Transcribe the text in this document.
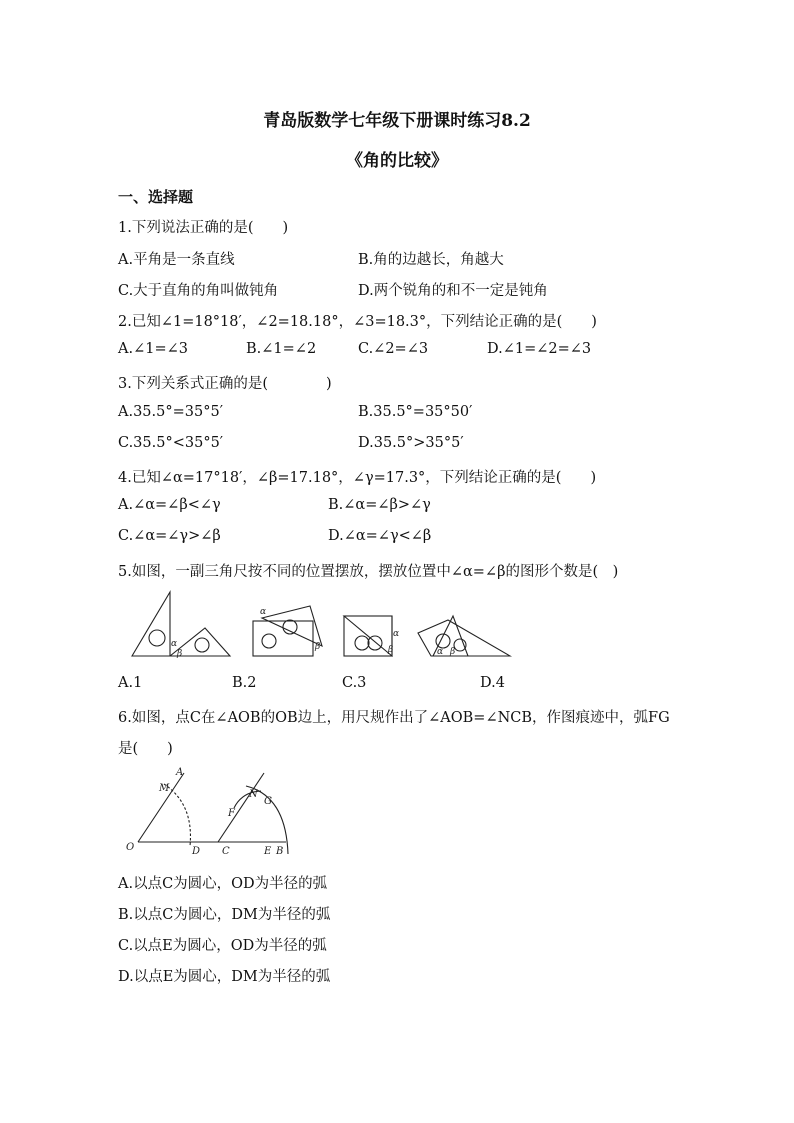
青岛版数学七年级下册课时练习8.2
《角的比较》
一、选择题
1.下列说法正确的是(　　)
A.平角是一条直线	B.角的边越长，角越大
C.大于直角的角叫做钝角	D.两个锐角的和不一定是钝角
2.已知∠1=18°18′，∠2=18.18°，∠3=18.3°，下列结论正确的是(　　)
A.∠1=∠3	B.∠1=∠2	C.∠2=∠3	D.∠1=∠2=∠3
3.下列关系式正确的是(　　　　)
A.35.5°=35°5′	B.35.5°=35°50′
C.35.5°<35°5′	D.35.5°>35°5′
4.已知∠α=17°18′，∠β=17.18°，∠γ=17.3°，下列结论正确的是(　　)
A.∠α=∠β<∠γ	B.∠α=∠β>∠γ
C.∠α=∠γ>∠β	D.∠α=∠γ<∠β
5.如图，一副三角尺按不同的位置摆放，摆放位置中∠α=∠β的图形个数是(　)
α
β
α
β
α
β	α β
A.1	B.2	C.3	D.4
6.如图，点C在∠AOB的OB边上，用尺规作出了∠AOB=∠NCB，作图痕迹中，弧FG
是(　　)
A
M
O	D C
F
N
G
E B
A.以点C为圆心，OD为半径的弧
B.以点C为圆心，DM为半径的弧
C.以点E为圆心，OD为半径的弧
D.以点E为圆心，DM为半径的弧
